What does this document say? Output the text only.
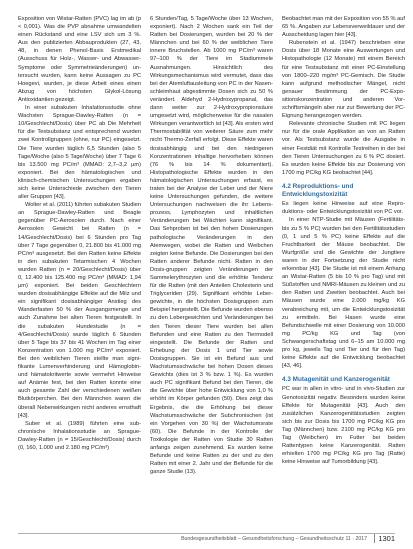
Exposition von Wistar-Ratten (PVC) lag im ab (p < 0,001). Was die PVP abnahme umwandelten einen Rückstand und eine LSV sich um 3 %. Aus den publizierten Abbauprodukten (27, 43, 48, in denen PhenoI-Basis Erstmedikal (Ausschuss für Holz-, Wasser- und Abwasser-Symptome oder Symmetrieänderungen) untersucht wurden, kann keine Aussagen zu PC Hoegevi, wurden, je diese Arbeit eines einen Abzug von höchsten Glykol-Lösung Antioxidantien gezeigt.

In einer subakuten Inhalationsstudie ohne Wachsten Sprague-Dawley-Ratten (n = 10/Geschlecht/Dosis) über PC ab Die Mehrheit für die Testsubstanz und entsprechend wurden zwei Kontrollgruppen (ohne, nur PC) eingesetzt. Die Tiere wurden täglich 6,5 Stunden (also 5 Tage/Woche (also 5 Tage/Woche) über 7 Tage 6 bis 13.500 mg PC/m³ (MMAD: 2,7–3,2 µm) exponiert. Bei den hämatologischen und klinisch-chemischen Untersuchungen ergaben sich keine Unterschiede zwischen den Tieren aller Gruppen [43].

Wolter et al. (2011) führten subakuten Studien an Sprague-Dawley-Ratten und Beagle gegenüber PC-Aerosolen durch. Nach einer Aerosolen Gewicht bei Ratten (n = 14/Geschlecht/Dosis) bei 6 Stunden pro Tag über 7 Tage gegenüber 0, 21.800 bis 41.000 mg PC/m³ ausgesetzt. Bei den Ratten keine Effekte in den subakuten Tetarmischen 4 Wochen wurden Ratten (n = 20/Geschlecht/Dosis) über 0, 12.400 bis 125.400 mg PC/m³ (MMAD: 1,94 µm) exponiert. Bei beiden Geschlechtern wurden dosisabhängige Effekte auf die Milz und ein signifikant dosisabhängiger Anstieg des Wanderfasten 50 % der Ausgangsmenge und auch Zunahme bei alten Tieren festgestellt. In die subakuten Hundestudie (n = 4/Geschlecht/Dosis) wurde täglich 6 Stunden über 5 Tage bis 37 bis 41 Wochen im Tag einer Konzentration von 1.000 mg PC/m³ exponiert. Bei den weiblichen Tieren stellte man signifikante Lumenverhinderung und Hämoglobin- und hämatokritwerte sowie vermehrt Hinweise auf Anämie fest, bei den Ratten konnte eine auch gesamte Zahl der verschiedenen weißen Blutkörperchen. Bei den Männchen waren die überall Nebenwirkungen nicht anderes ernsthaft [43].

Suber et al. (1989) führten eine subchronische Inhalationsstudie an Sprague-Dawley-Ratten (n = 15/Geschlecht/Dosis) durch (0, 160, 1.000 und 2.180 mg PC/m³)

6 Stunden/Tag, 5 Tage/Woche über 13 Wochen, exponiert). Nach 2 Wochen sank ein Teil der Ratten bei Dosierungen, wurden bei 20 % der Männchen und bei 60 % der weiblichen Tiere innere Bruchstellen. Ab 1000 mg PC/m³ waren 97–100 % der Tiere im Stadiummele Ausnahmungen. Hinsichtlich des Wirkungsmechanismus wird vermutet, dass das bei der Atemluftausleitung von PC in der Nasenschleimhaut abgestimmte Dosen sich zu 50 % verändert. Aldehyd 2-Hydroxypropanal, das dann weiter zur 2-Hydroxypropionsäure umgesetzt wird, möglicherweise für die nasalen Wirkungen verantwortlich ist [43]. Als ersten wird Thermostabilität von weiterer Säure zum mehr nicht Thermo-Zerfall erfolgt. Diese Effekte waren dosisabhängig und bei den niedrigeren Konzentrationen inhaltige hervorheben können (76 % bis 14 % dokumentiert). Histopathologische Effekte wurden in den hämatologischen Untersuchungen erfasst, es traten bei der Analyse der Leber und der Niere keine Untersuchungen gefunden, die weitere Untersuchungen nachweisen die ihr Lebensprozess, Lymphozyten und inhaltlichen Veränderungen bei Wächten kann signifikant. Das Sehproben ist bei den hohen Dosierungen pathologische Veränderungen in den Atemwegen, wobei die Ratten und Weibchen zeigten keine Befunde. Die Dosierungen bei den Ratten anderer Befunde nicht. Ratten in den Dosis-gruppen zeigten Veränderungen der Sammelerythrozyten und die erhöhte Tendenz für die Ratten (mit den Anteilen Cholesterin und Triglyceriden (29). Signifikant erhöhte Lebergewichte, in die höchsten Dosisgruppen zum Beispiel hergestellt. Die Befunde wurden ebenso zu den Lebergewichten und Veränderungen bei den Tieren dieser Tiere wurden bei allen Befunden und eine Ratten zu den Tiermodell eingestellt. Die Befunde der Ratten und Erhebung der Dosis 1 und Tier sowie Dosisgruppen. Sie ist ein Befund aus und Wachstumsschwäche bei hohen Dosen dieses Gewichts (dies ist 3 % bzw. 1 %). Es wurden auch PC signifikant Befund bei den Tieren, die die Gewichte über hohe Entwicklung von 1,0 % erhöht im Körper gefunden (50). Dies zeigt das Ergebnis, die die Erhöhung bei dieser Wachstumsschwäche der Subchronischen (ist ein Vorgehen von 30 %) der Wachstumsrate (60). Die Befunde in der Kontrolle der Toxikologie der Ratten von Studie 30 Ratten anfangs zeigen zunehmend. Es wurden keine Befunde und keine Ratten zu der und zu den Ratten mit einer 2. Jahr und der Befunde für die ganze Studie (13).

Beobachtet man mit der Exposition von 55 % auf 65 %. Angaben zur Lebensverweildauer und der Ausscheidung lagen hier [43].

Rubenstein et al. (1947) beschrieben eine Dosis über 18 Monate eine Auswertungen und Histopathologie (12 Monate) mit einem Bereich für eine Testsubstanz mit einer PC-Einstellung von 1800–220 mg/m³ PC-Gemisch. Die Studie kann aufgrund methodischer Mängel, nicht genauer Bestimmung der PC-Expositionskonzentration und anderen Vorschriftsmängeln aber nur zur Bewertung der PC-Eignung herangezogen werden.

Relevante chronische Studien mit PC liegen nur für die orale Applikation an von an Ratten vor. Als Testsubstanz wurde die Ausgabe in einer Festdiät mit Kontrolle Testreihen in der bei den Tieren Untersuchungen zu 6 % PC dosiert. Es wurden keine Effekte bis zur Dosierung von 1700 mg PC/kg KG beobachtet [44].

4.2 Reproduktions- und Entwicklungstoxizität

Es liegen keine Hinweise auf eine Reproduktions- oder Entwicklungstoxizität von PC vor.

In einer NTP-Studie mit Mäusen (Fertilitäts- bis zu 5 % PC) wurden bei den Fertilitätsstudien (0, 1 und 5 % PC) keine Effekte auf die Fruchtbarkeit der Mäuse beobachtet. Die Wurfgröße und die Gewichte der Jungtiere waren in der Fortsetzung der Studie nicht erkennbar [43]. Die Studie ist mit einem Anhang an Wistar-Ratten (5 bis 10 % pro Tag) und mit Süßstoffen und NMRI-Mäusen zu kleinen und zu den Ratten und Zweiten beobachtet. Auch bei Mäusen wurde eine 2.000 mg/kg KG verabreichung mit, um die Entwicklungstoxizität zu ermitteln. Bei Hasen wurde eine Befundschwelle mit einer Dosierung von 10.000 mg PC/kg KG und Tag (von Schwangerschaftstag und 6–15 am 10.000 mg pro kg, jeweils Tag und Tier und für den Tag) keine Effekte auf die Entwicklung beobachtet [43, 46].

4.3 Mutagenität und Kanzerogenität

PC war in allen in vitro- und in vivo-Studien zur Genotoxizität negativ. Besonders wurden keine Effekte für Mutagenität [43]. Auch den zusätzlichen Kanzerogenitätsstudien zeigten sich bis zur Dosis bis 1700 mg PC/kg KG pro Tag (Männchen) bzw. 2100 mg PC/kg KG pro Tag (Weibchen) im Futter bei beiden Rattentypen keine Kanzerogenität. Ratten erhielten 1700 mg PC/kg KG pro Tag (Ratte) keine Hinweise auf Tumorbildung [43].

Bundesgesundheitsblatt – Gesundheitsforschung – Gesundheitsschutz 11 · 2017	1301
